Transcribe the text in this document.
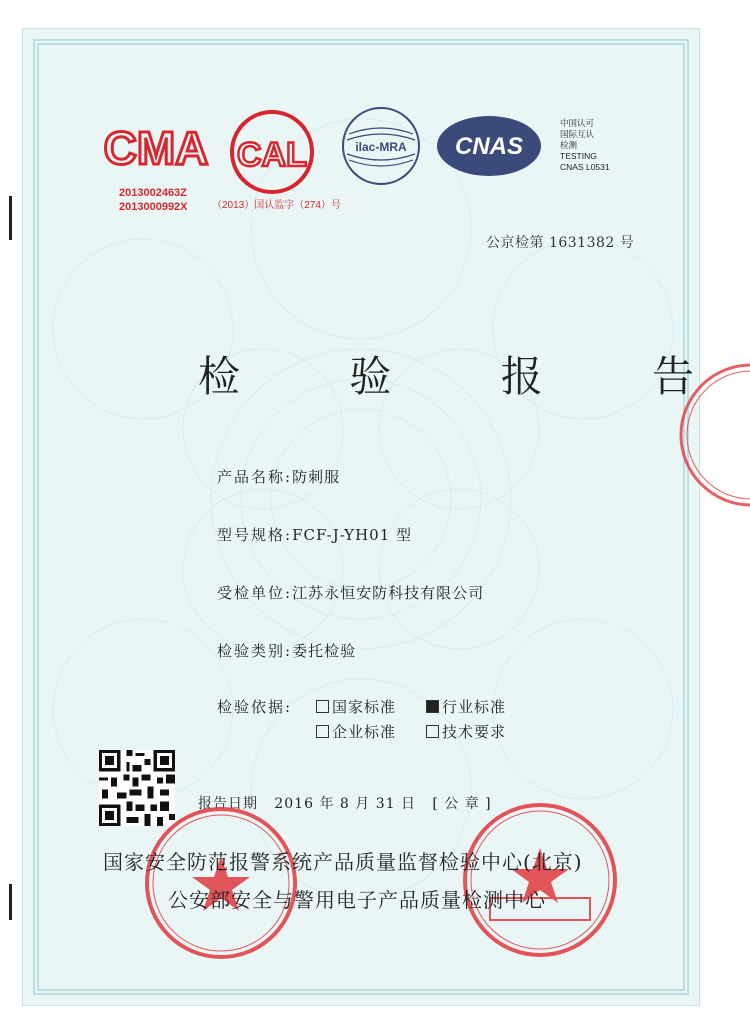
CMA
2013002463Z
2013000992X
CAL
（2013）国认监字（274）号
ilac-MRA CNAS
中国认可
国际互认
检测
TESTING
CNAS L0531
公京检第 1631382 号
检 验 报 告
产品名称:防刺服
型号规格:FCF-J-YH01 型
受检单位:江苏永恒安防科技有限公司
检验类别:委托检验
检验依据:	国家标准	行业标准
企业标准	技术要求
报告日期 2016 年 8 月 31 日 [ 公 章 ]
国家安全防范报警系统产品质量监督检验中心(北京)
公安部安全与警用电子产品质量检测中心
